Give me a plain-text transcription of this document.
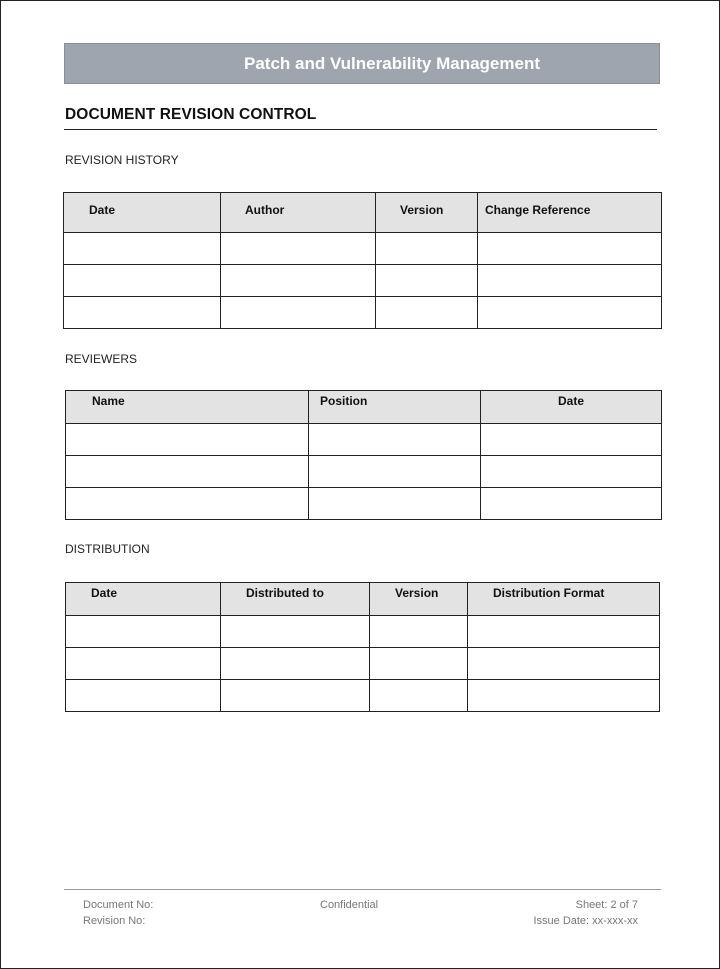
Patch and Vulnerability Management
DOCUMENT REVISION CONTROL
REVISION HISTORY
Date	Author	Version	Change Reference

REVIEWERS
Name	Position	Date

DISTRIBUTION
Date	Distributed to	Version	Distribution Format

Document No:
Revision No:
Confidential	Sheet: 2 of 7
Issue Date: xx-xxx-xx
